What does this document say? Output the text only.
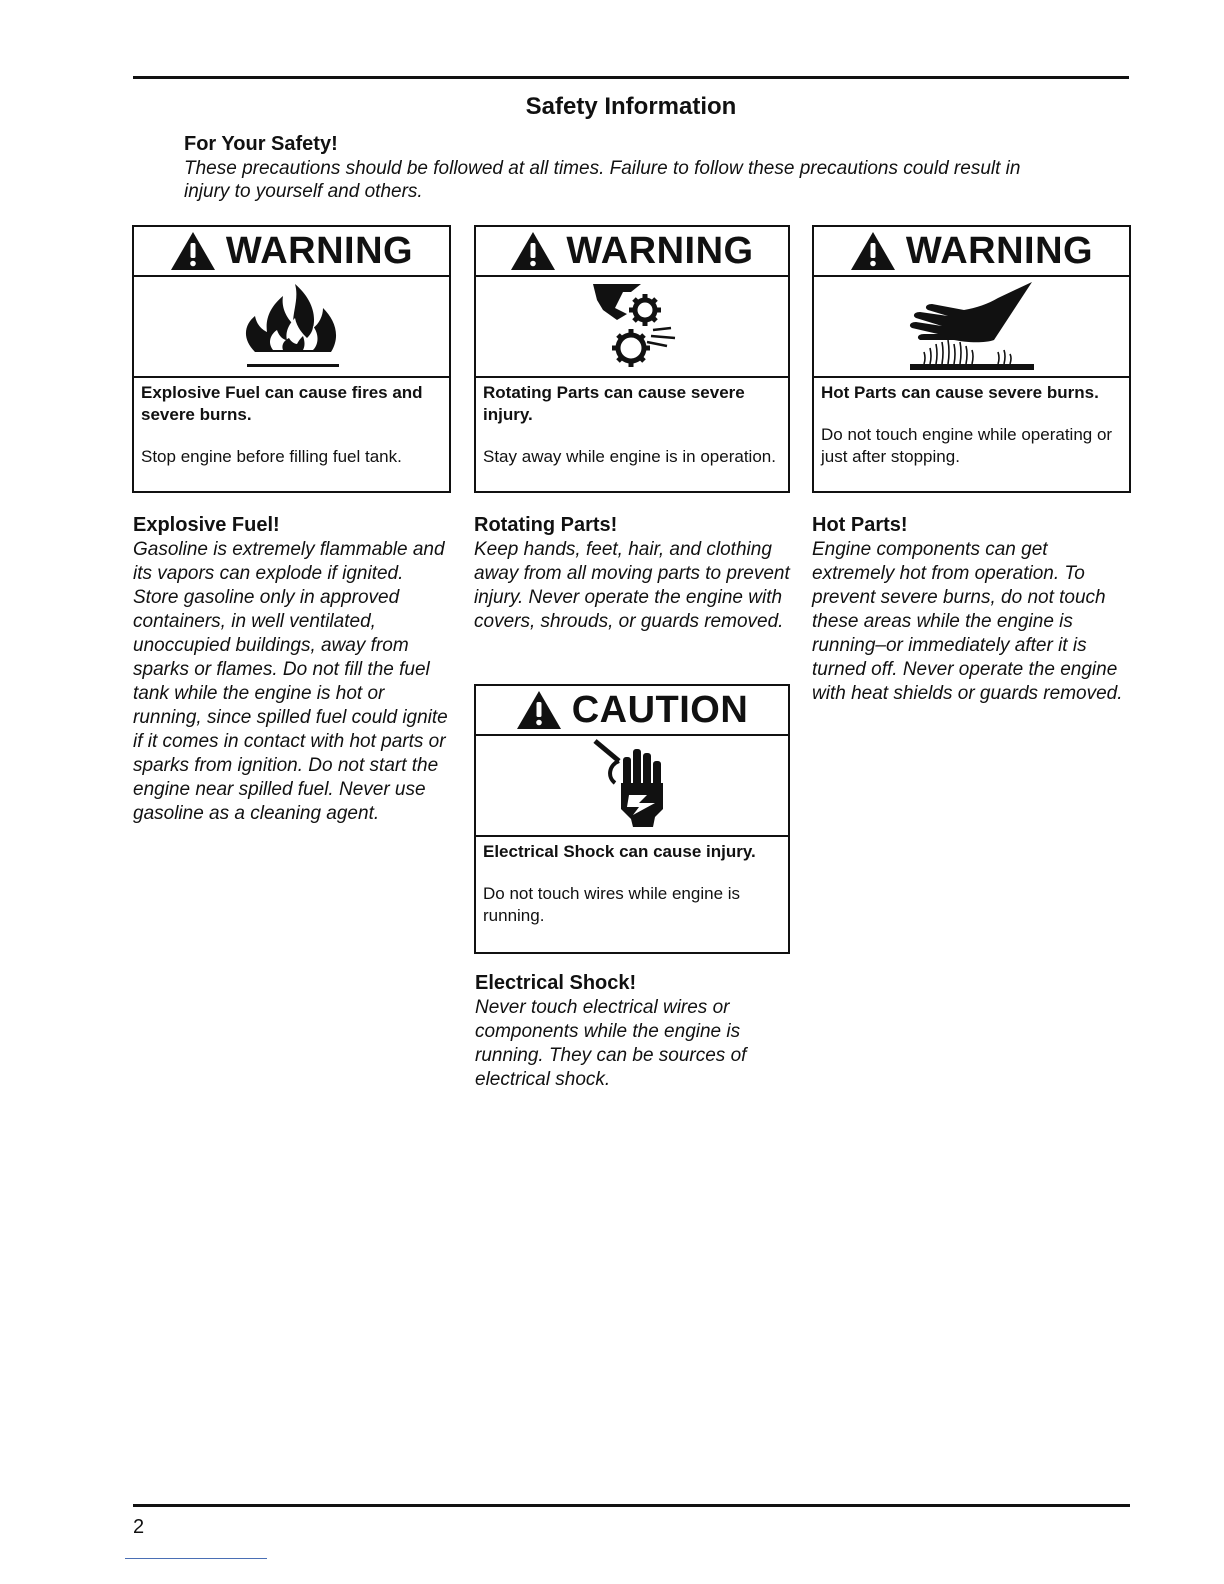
Safety Information
For Your Safety!
These precautions should be followed at all times. Failure to follow these precautions could result in injury to yourself and others.
WARNING
Explosive Fuel can cause fires and severe burns.
Stop engine before filling fuel tank.
WARNING
Rotating Parts can cause severe injury.
Stay away while engine is in operation.
WARNING
Hot Parts can cause severe burns.
Do not touch engine while operating or just after stopping.
CAUTION
Electrical Shock can cause injury.
Do not touch wires while engine is running.
Explosive Fuel!
Gasoline is extremely flammable and its vapors can explode if ignited. Store gasoline only in approved containers, in well ventilated, unoccupied buildings, away from sparks or flames. Do not fill the fuel tank while the engine is hot or running, since spilled fuel could ignite if it comes in contact with hot parts or sparks from ignition. Do not start the engine near spilled fuel. Never use gasoline as a cleaning agent.
Rotating Parts!
Keep hands, feet, hair, and clothing away from all moving parts to prevent injury. Never operate the engine with covers, shrouds, or guards removed.
Hot Parts!
Engine components can get extremely hot from operation. To prevent severe burns, do not touch these areas while the engine is running–or immediately after it is turned off. Never operate the engine with heat shields or guards removed.
Electrical Shock!
Never touch electrical wires or components while the engine is running. They can be sources of electrical shock.
2
